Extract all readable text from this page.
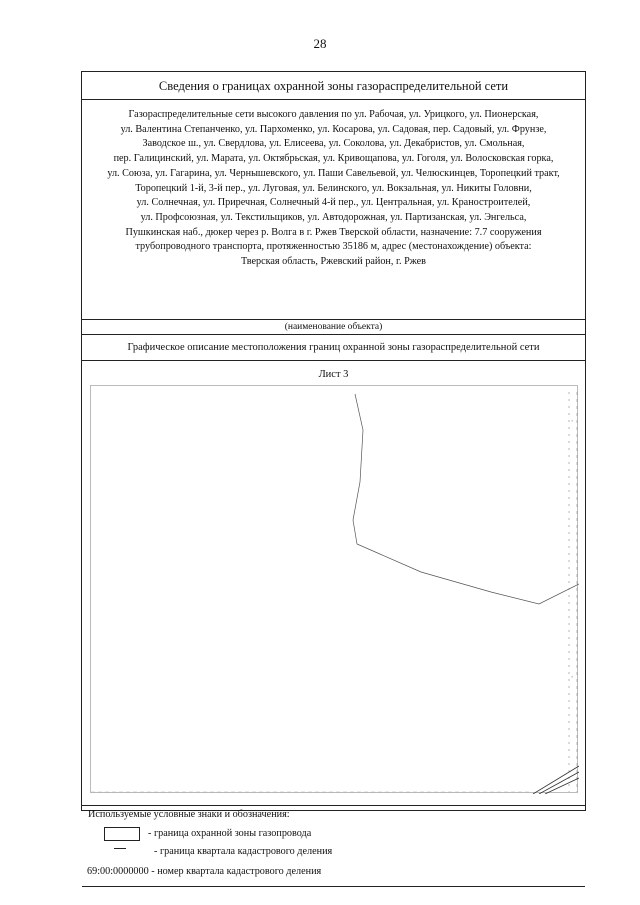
28
Сведения о границах охранной зоны газораспределительной сети
Газораспределительные сети высокого давления по ул. Рабочая, ул. Урицкого, ул. Пионерская,
ул. Валентина Степанченко, ул. Пархоменко, ул. Косарова, ул. Садовая, пер. Садовый, ул. Фрунзе,
Заводское ш., ул. Свердлова, ул. Елисеева, ул. Соколова, ул. Декабристов, ул. Смольная,
пер. Галицинский, ул. Марата, ул. Октябрьская, ул. Кривощапова, ул. Гоголя, ул. Волосковская горка,
ул. Союза, ул. Гагарина, ул. Чернышевского, ул. Паши Савельевой, ул. Челюскинцев, Торопецкий тракт,
Торопецкий 1-й, 3-й пер., ул. Луговая, ул. Белинского, ул. Вокзальная, ул. Никиты Головни,
ул. Солнечная, ул. Приречная, Солнечный 4-й пер., ул. Центральная, ул. Краностроителей,
ул. Профсоюзная, ул. Текстильщиков, ул. Автодорожная, ул. Партизанская, ул. Энгельса,
Пушкинская наб., дюкер через р. Волга в г. Ржев Тверской области, назначение: 7.7 сооружения
трубопроводного транспорта, протяженностью 35186 м, адрес (местонахождение) объекта:
Тверская область, Ржевский район, г. Ржев
(наименование объекта)
Графическое описание местоположения границ охранной зоны газораспределительной сети
Лист 3
ﾞ
ﾞ
Используемые условные знаки и обозначения:
- граница охранной зоны газопровода
- граница квартала кадастрового деления
69:00:0000000 - номер квартала кадастрового деления
